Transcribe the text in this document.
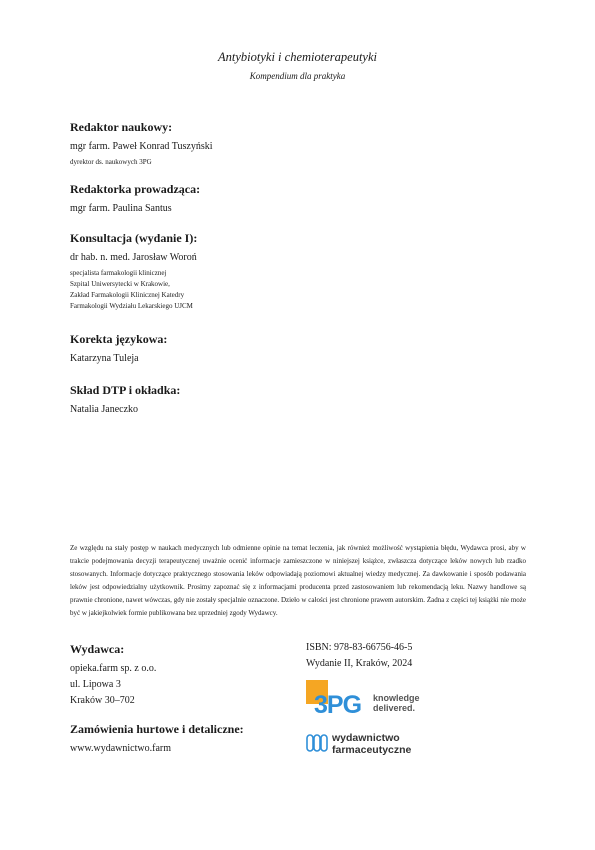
Antybiotyki i chemioterapeutyki
Kompendium dla praktyka

Redaktor naukowy:

mgr farm. Paweł Konrad Tuszyński

dyrektor ds. naukowych 3PG

Redaktorka prowadząca:

mgr farm. Paulina Santus

Konsultacja (wydanie I):

dr hab. n. med. Jarosław Woroń

specjalista farmakologii klinicznej

Szpital Uniwersytecki w Krakowie,

Zakład Farmakologii Klinicznej Katedry

Farmakologii Wydziału Lekarskiego UJCM

Korekta językowa:

Katarzyna Tuleja

Skład DTP i okładka:

Natalia Janeczko

Ze względu na stały postęp w naukach medycznych lub odmienne opinie na temat leczenia, jak również możliwość wystąpienia błędu, Wydawca prosi, aby w trakcie podejmowania decyzji terapeutycznej uważnie ocenić informacje zamieszczone w niniejszej książce, zwłaszcza dotyczące leków nowych lub rzadko stosowanych. Informacje dotyczące praktycznego stosowania leków odpowiadają poziomowi aktualnej wiedzy medycznej. Za dawkowanie i sposób podawania leków jest odpowiedzialny użytkownik. Prosimy zapoznać się z informacjami producenta przed zastosowaniem lub rekomendacją leku. Nazwy handlowe są prawnie chronione, nawet wówczas, gdy nie zostały specjalnie oznaczone. Dzieło w całości jest chronione prawem autorskim. Żadna z części tej książki nie może być w jakiejkolwiek formie publikowana bez uprzedniej zgody Wydawcy.

Wydawca:

opieka.farm sp. z o.o.

ul. Lipowa 3

Kraków 30–702

Zamówienia hurtowe i detaliczne:

www.wydawnictwo.farm

ISBN: 978-83-66756-46-5

Wydanie II, Kraków, 2024

3PG knowledge
delivered.
wydawnictwo
farmaceutyczne
